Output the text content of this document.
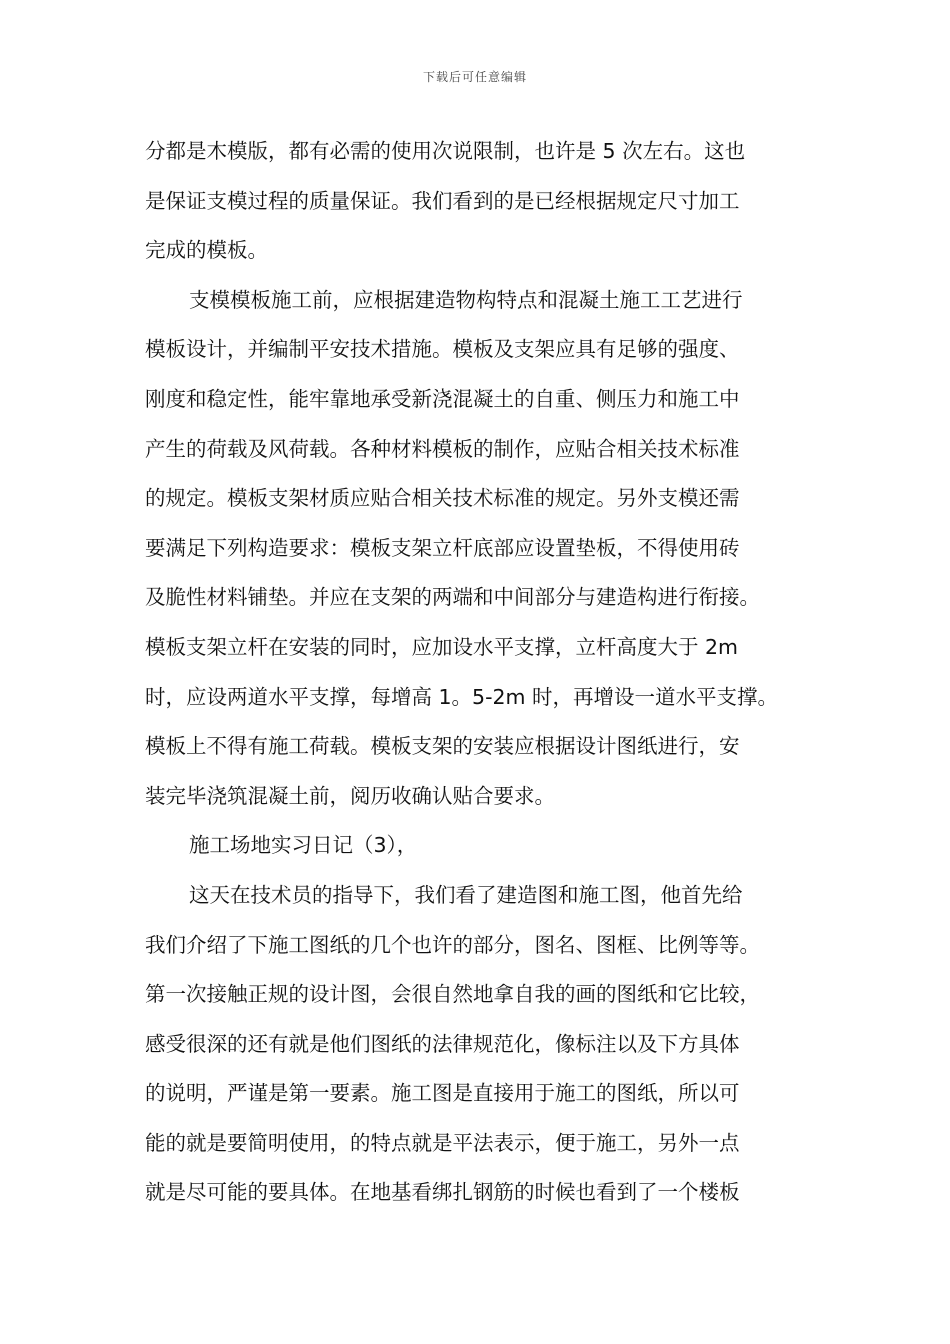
下载后可任意编辑
分都是木模版，都有必需的使用次说限制，也许是 5 次左右。这也
是保证支模过程的质量保证。我们看到的是已经根据规定尺寸加工
完成的模板。
支模模板施工前，应根据建造物构特点和混凝土施工工艺进行
模板设计，并编制平安技术措施。模板及支架应具有足够的强度、
刚度和稳定性，能牢靠地承受新浇混凝土的自重、侧压力和施工中
产生的荷载及风荷载。各种材料模板的制作，应贴合相关技术标准
的规定。模板支架材质应贴合相关技术标准的规定。另外支模还需
要满足下列构造要求：模板支架立杆底部应设置垫板，不得使用砖
及脆性材料铺垫。并应在支架的两端和中间部分与建造构进行衔接。
模板支架立杆在安装的同时，应加设水平支撑，立杆高度大于 2m
时，应设两道水平支撑，每增高 1。5-2m 时，再增设一道水平支撑。
模板上不得有施工荷载。模板支架的安装应根据设计图纸进行，安
装完毕浇筑混凝土前，阅历收确认贴合要求。
施工场地实习日记（3），
这天在技术员的指导下，我们看了建造图和施工图，他首先给
我们介绍了下施工图纸的几个也许的部分，图名、图框、比例等等。
第一次接触正规的设计图，会很自然地拿自我的画的图纸和它比较，
感受很深的还有就是他们图纸的法律规范化，像标注以及下方具体
的说明，严谨是第一要素。施工图是直接用于施工的图纸，所以可
能的就是要简明使用，的特点就是平法表示，便于施工，另外一点
就是尽可能的要具体。在地基看绑扎钢筋的时候也看到了一个楼板
